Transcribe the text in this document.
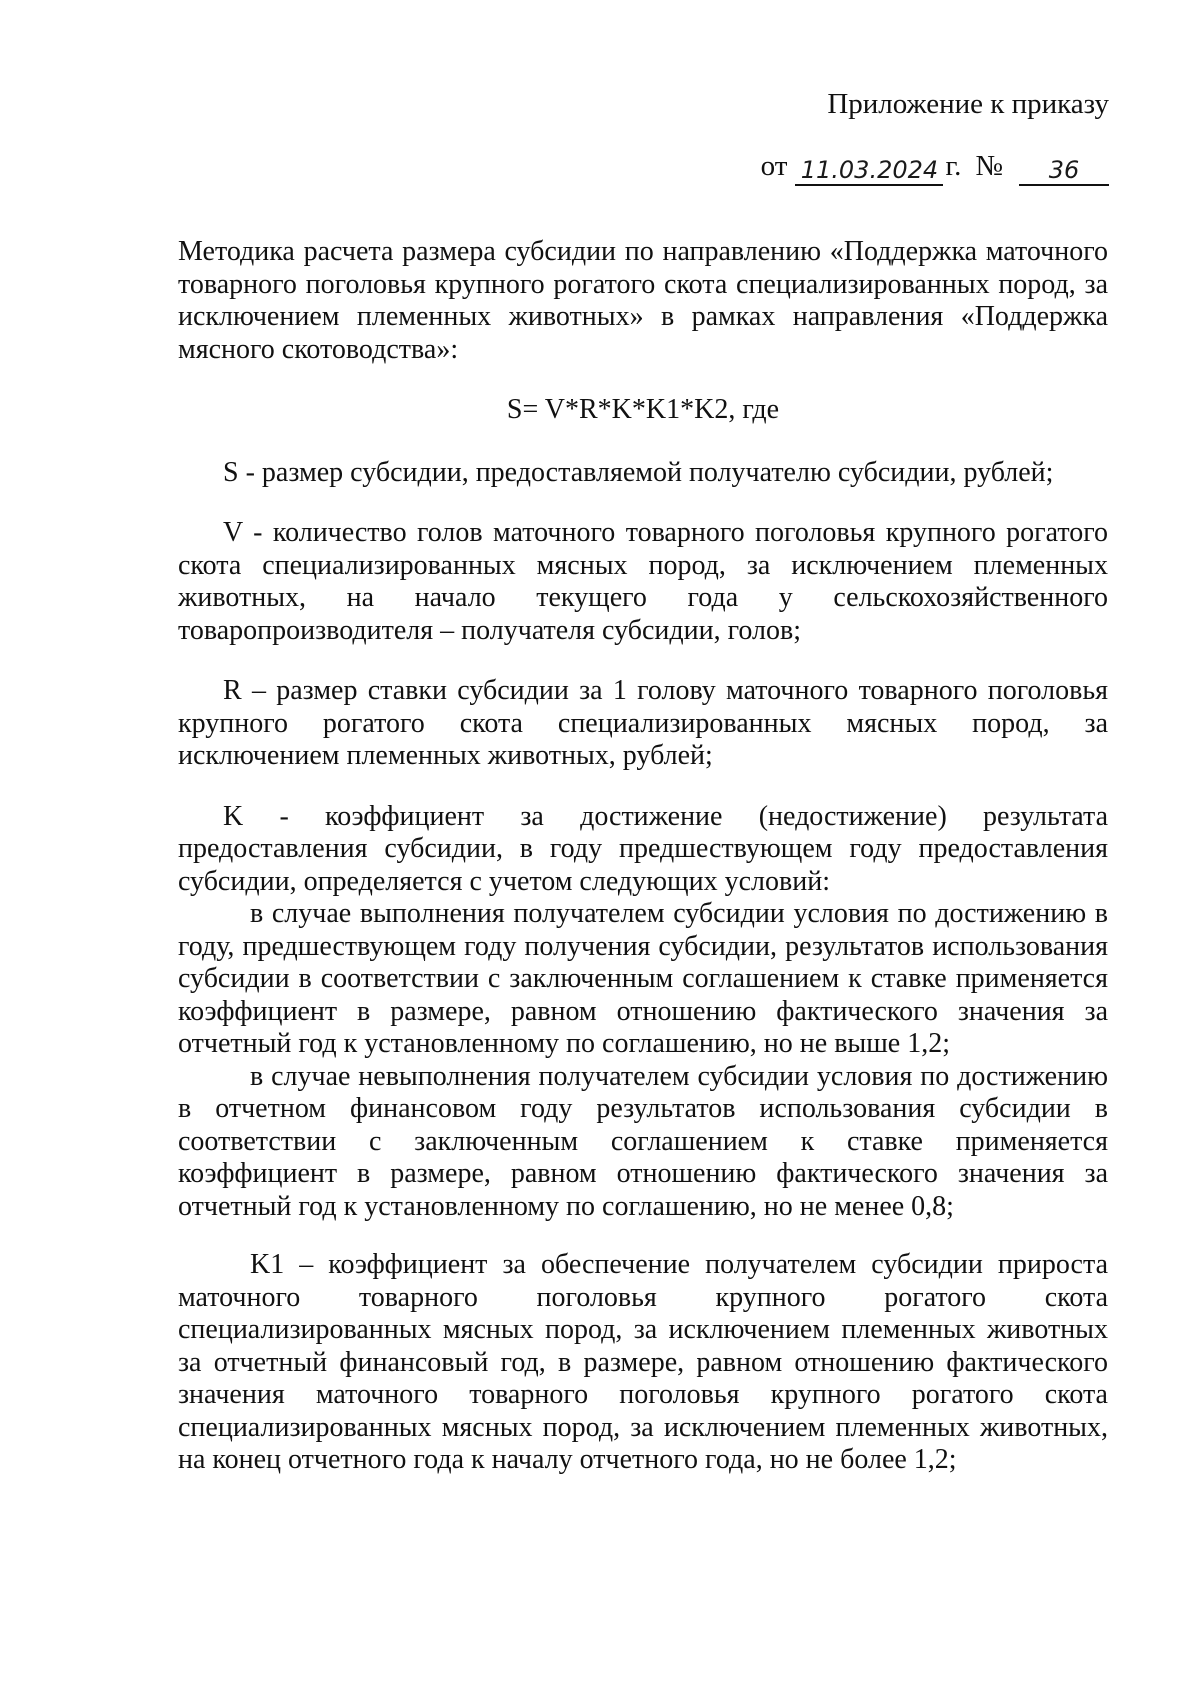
Приложение к приказу
от 11.03.2024 г. №	36

Методика расчета размера субсидии по направлению «Поддержка маточного товарного поголовья крупного рогатого скота специализированных пород, за исключением племенных животных» в рамках направления «Поддержка мясного скотоводства»:

S= V*R*K*K1*K2, где

S - размер субсидии, предоставляемой получателю субсидии, рублей;

V - количество голов маточного товарного поголовья крупного рогатого скота специализированных мясных пород, за исключением племенных животных, на начало текущего года у сельскохозяйственного товаропроизводителя – получателя субсидии, голов;

R – размер ставки субсидии за 1 голову маточного товарного поголовья крупного рогатого скота специализированных мясных пород, за исключением племенных животных, рублей;

K - коэффициент за достижение (недостижение) результата предоставления субсидии, в году предшествующем году предоставления субсидии, определяется с учетом следующих условий:

в случае выполнения получателем субсидии условия по достижению в году, предшествующем году получения субсидии, результатов использования субсидии в соответствии с заключенным соглашением к ставке применяется коэффициент в размере, равном отношению фактического значения за отчетный год к установленному по соглашению, но не выше 1,2;

в случае невыполнения получателем субсидии условия по достижению в отчетном финансовом году результатов использования субсидии в соответствии с заключенным соглашением к ставке применяется коэффициент в размере, равном отношению фактического значения за отчетный год к установленному по соглашению, но не менее 0,8;

K1 – коэффициент за обеспечение получателем субсидии прироста маточного товарного поголовья крупного рогатого скота специализированных мясных пород, за исключением племенных животных за отчетный финансовый год, в размере, равном отношению фактического значения маточного товарного поголовья крупного рогатого скота специализированных мясных пород, за исключением племенных животных, на конец отчетного года к началу отчетного года, но не более 1,2;
